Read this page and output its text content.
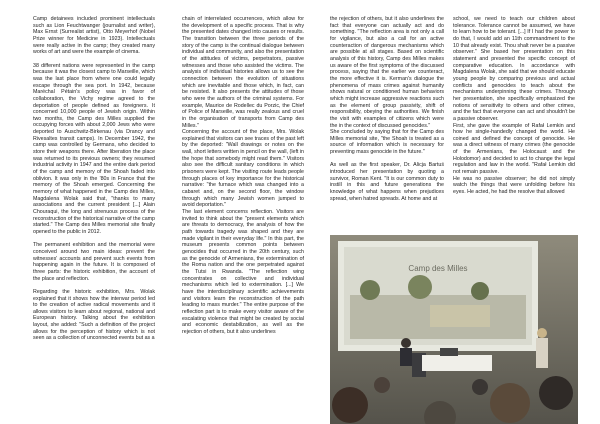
Camp detainees included prominent intellectuals such as Lion Feuchtwanger (journalist and writer), Max Ernst (Surrealist artist), Otto Meyerhof (Nobel Prize winner for Medicine in 1923). Intellectuals were really active in the camp; they created many works of art and were the example of cinema.

38 different nations were represented in the camp because it was the closest camp to Marseille, which was the last place from where one could legally escape through the sea port. In 1942, because Maréchal Pétain's policy was in favor of collaboration, the Vichy regime agreed to the deportation of people defined as foreigners. It concerned 10,000 people of Jewish origin. Within two months, the Camp des Milles supplied the occupying forces with about 2,000 Jews who were deported to Auschwitz-Birkenau (via Drancy and Rivesaltes transit camps). In December 1942, the camp was controlled by Germans, who decided to store their weapons there. After liberation the place was returned to its previous owners; they resumed industrial activity in 1947 and the entire dark period of the camp and memory of the Shoah faded into oblivion. It was only in the '80s in France that the memory of the Shoah emerged. Concerning the memory of what happened in the Camp des Milles, Magdalena Wolak said that, "thanks to many associations and the current president [...] Alain Chouraqui, the long and strenuous process of the reconstruction of the historical narrative of the camp started." The Camp des Milles memorial site finally opened to the public in 2012.

The permanent exhibition and the memorial were conceived around two main ideas: prevent the witnesses' accounts and prevent such events from happening again in the future. It is composed of three parts: the historic exhibition, the account of the place and reflection.

Regarding the historic exhibition, Mrs. Wolak explained that it shows how the interwar period led to the creation of active radical movements and it allows visitors to learn about regional, national and European history. Talking about the exhibition layout, she added: "Such a definition of the project allows for the perception of history which is not seen as a collection of unconnected events but as a

chain of interrelated occurrences, which allow for the development of a specific process. That is why the presented dates changed into causes or results. The transition between the three periods of the story of the camp is the continual dialogue between individual and community, and also the presentation of the attitudes of victims, perpetrators, passive witnesses and those who assisted the victims. The analysis of individual histories allows us to see the connection between the evolution of situations which are inevitable and those which, in fact, can be resisted. It also presents the attitudes of those who were the authors of the criminal systems. For example, Maurice de Rodellec du Porzic, the Chief of Police of Marseille, was really zealous and cruel in the organisation of transports from Camp des Milles."

Concerning the account of the place, Mrs. Wolak explained that visitors can see traces of the past left by the deported: "Wall drawings or notes on the wall, short letters written in pencil on the wall, (left in the hope that somebody might read them." Visitors also see the difficult sanitary conditions in which prisoners were kept. The visiting route leads people through places of key importance for the historical narrative: "the furnace which was changed into a cabaret and, on the second floor, the window through which many Jewish women jumped to avoid deportation."

The last element concerns reflection. Visitors are invited to think about the "present elements which are threats to democracy, the analysis of how the path towards tragedy was shaped and they are made vigilant in their everyday life." In this part, the museum presents common points between genocides that occurred in the 20th century, such as the genocide of Armenians, the extermination of the Roma nation and the one perpetrated against the Tutsi in Rwanda. "The reflection wing concentrates on collective and individual mechanisms which led to extermination. [...] We have the interdisciplinary scientific achievements and visitors learn the reconstruction of the path leading to mass murder." The entire purpose of the reflection part is to make every visitor aware of the escalating violence that might be created by social and economic destabilization, as well as the rejection of others, but it also underlines

the rejection of others, but it also underlines the fact that everyone can actually act and do something. "The reflection area is not only a call for vigilance, but also a call for an active counteraction of dangerous mechanisms which are possible at all stages. Based on scientific analysis of this history, Camp des Milles makes us aware of the first symptoms of the discussed process, saying that the earlier we counteract, the more effective it is. Kerman's dialogue the phenomena of mass crimes against humanity shows natural or conditioned human behaviors which might increase aggressive reactions such as the element of group passivity, shift of responsibility, obeying the authorities. We finish the visit with examples of citizens which were the in the context of discussed genocides."

She concluded by saying that for the Camp des Milles memorial site, "the Shoah is treated as a source of information which is necessary for preventing mass genocide in the future."

As well as the first speaker, Dr. Alicja Bartuś introduced her presentation by quoting a survivor, Roman Kent. "It is our common duty to instill in this and future generations the knowledge of what happens when prejudices spread, when hatred spreads. At home and at

school, we need to teach our children about tolerance. Tolerance cannot be assumed, we have to learn how to be tolerant. [...] If I had the power to do that, I would add an 11th commandment to the 10 that already exist. Thou shalt never be a passive observer." She based her presentation on this statement and presented the specific concept of comparative education. In accordance with Magdalena Wolak, she said that we should educate young people by comparing previous and actual conflicts and genocides to teach about the mechanisms underpinning these crimes. Through her presentation, she specifically emphasized the notions of sensitivity to others and other crimes, and the fact that everyone can act and shouldn't be a passive observer.

First, she gave the example of Rafał Lemkin and how he single-handedly changed the world. He coined and defined the concept of genocide. He was a direct witness of many crimes (the genocide of the Armenians, the Holocaust and the Holodomor) and decided to act to change the legal regulation and law in the world. "Rafał Lemkin did not remain passive.

He was no passive observer; he did not simply watch the things that were unfolding before his eyes. He acted, he had the resolve that allowed

Camp des Milles
